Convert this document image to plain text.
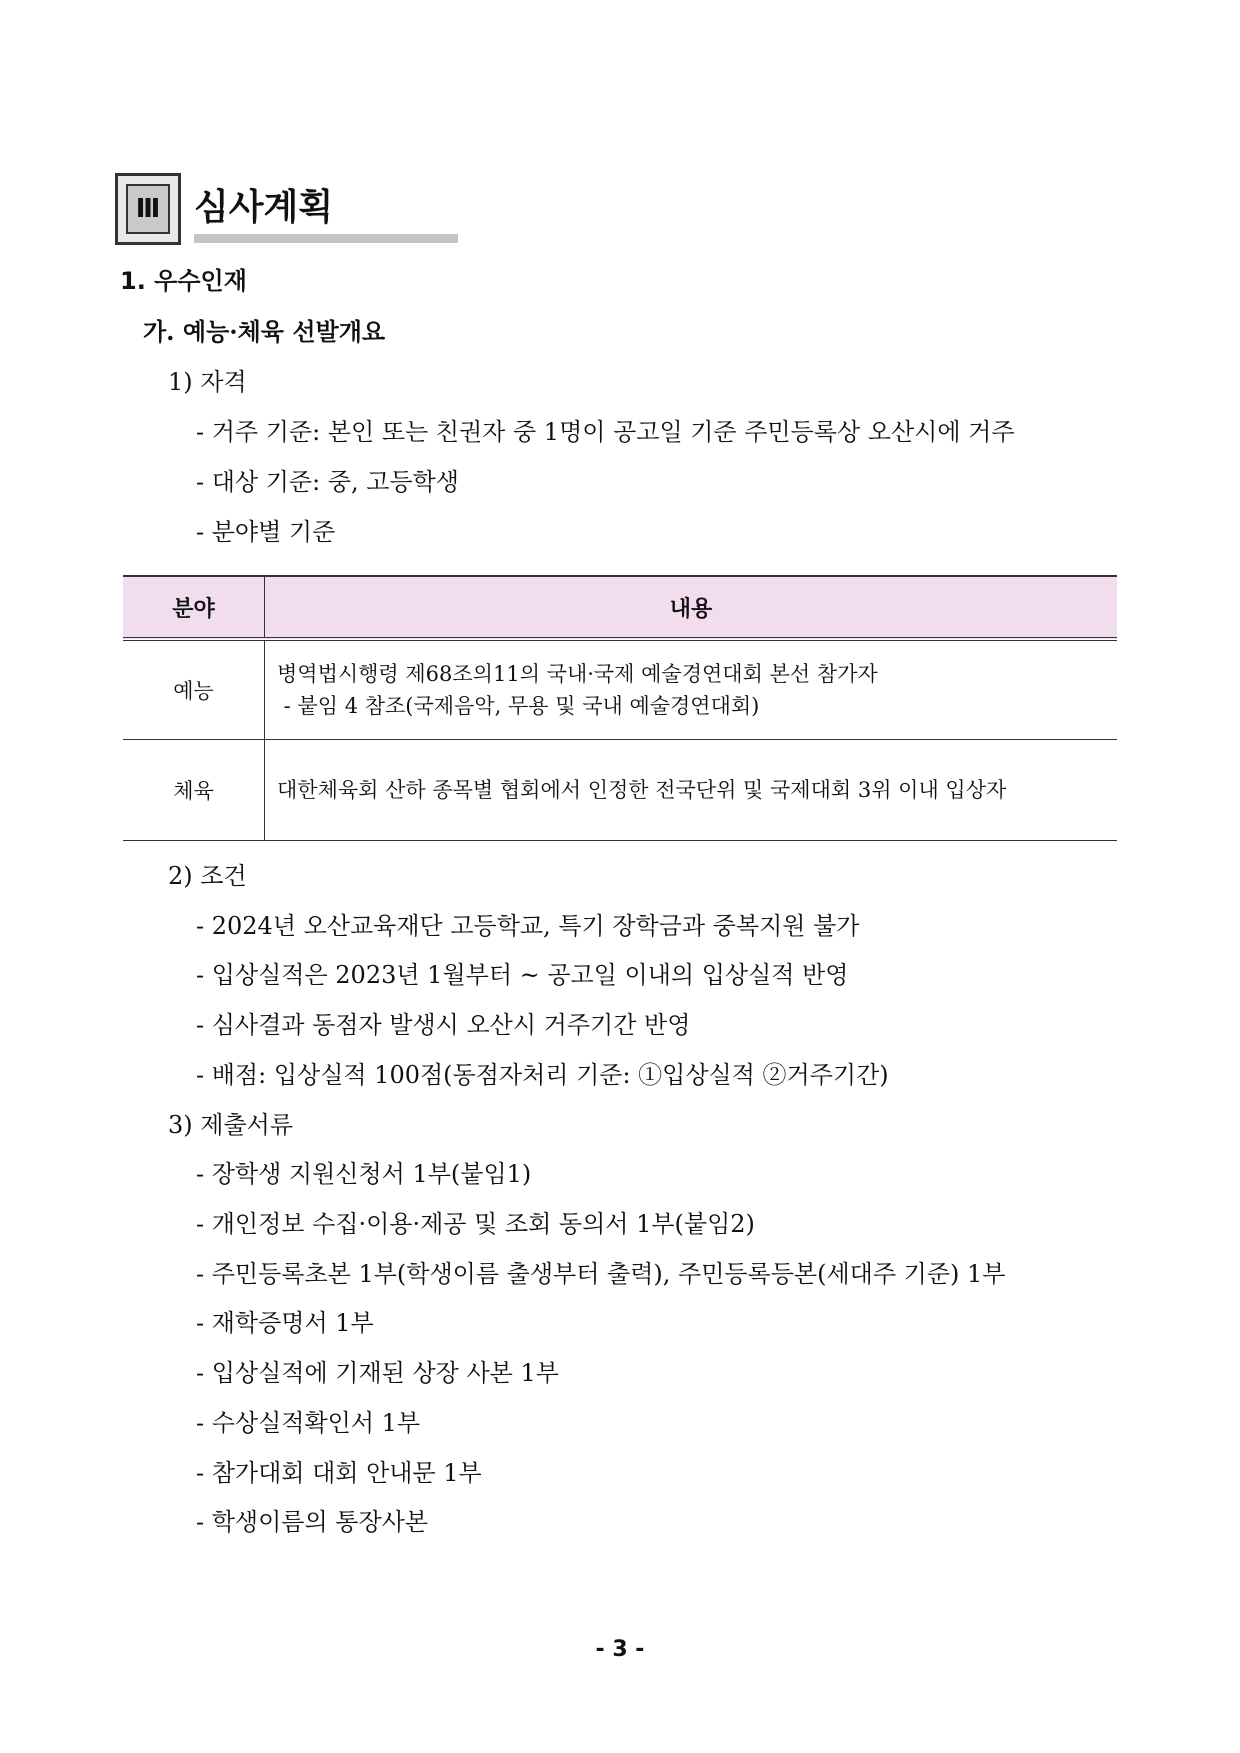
Ⅲ 심사계획
1. 우수인재
가. 예능·체육 선발개요
1) 자격
- 거주 기준: 본인 또는 친권자 중 1명이 공고일 기준 주민등록상 오산시에 거주
- 대상 기준: 중, 고등학생
- 분야별 기준
분야	내용
예능	병역법시행령 제68조의11의 국내·국제 예술경연대회 본선 참가자
- 붙임 4 참조(국제음악, 무용 및 국내 예술경연대회)

체육	대한체육회 산하 종목별 협회에서 인정한 전국단위 및 국제대회 3위 이내 입상자
2) 조건
- 2024년 오산교육재단 고등학교, 특기 장학금과 중복지원 불가
- 입상실적은 2023년 1월부터 ~ 공고일 이내의 입상실적 반영
- 심사결과 동점자 발생시 오산시 거주기간 반영
- 배점: 입상실적 100점(동점자처리 기준: ①입상실적 ②거주기간)
3) 제출서류
- 장학생 지원신청서 1부(붙임1)
- 개인정보 수집·이용·제공 및 조회 동의서 1부(붙임2)
- 주민등록초본 1부(학생이름 출생부터 출력), 주민등록등본(세대주 기준) 1부
- 재학증명서 1부
- 입상실적에 기재된 상장 사본 1부
- 수상실적확인서 1부
- 참가대회 대회 안내문 1부
- 학생이름의 통장사본
- 3 -
